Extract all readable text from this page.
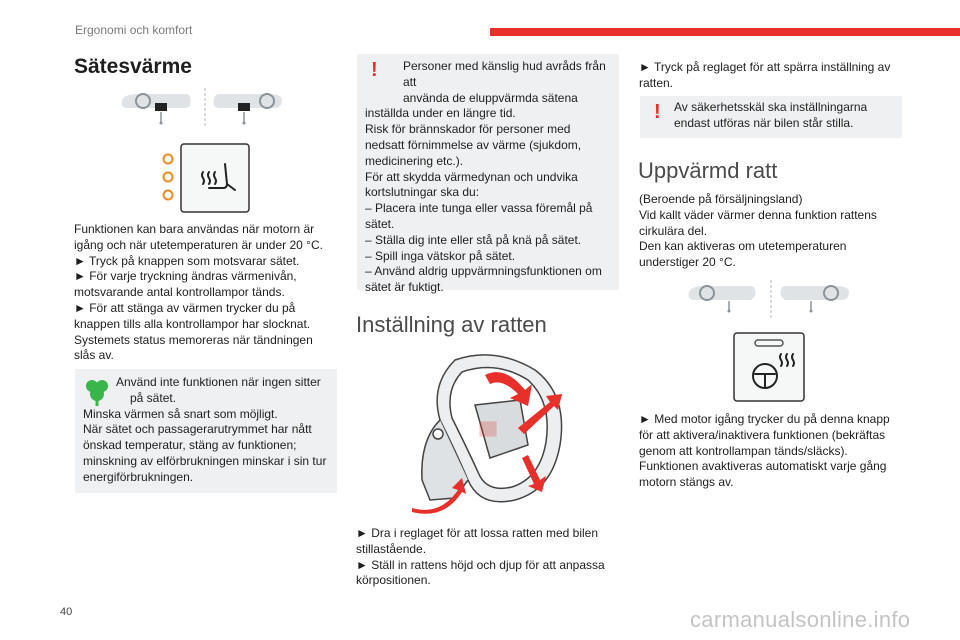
Ergonomi och komfort
Sätesvärme

Funktionen kan bara användas när motorn är

igång och när utetemperaturen är under 20 °C.

► Tryck på knappen som motsvarar sätet.

► För varje tryckning ändras värmenivån,

motsvarande antal kontrollampor tänds.

► För att stänga av värmen trycker du på

knappen tills alla kontrollampor har slocknat.

Systemets status memoreras när tändningen

slås av.

Använd inte funktionen när ingen sitter

på sätet.

Minska värmen så snart som möjligt.

När sätet och passagerarutrymmet har nått

önskad temperatur, stäng av funktionen;

minskning av elförbrukningen minskar i sin tur

energiförbrukningen.

!	Personer med känslig hud avråds från att

använda de eluppvärmda sätena

inställda under en längre tid.

Risk för brännskador för personer med

nedsatt förnimmelse av värme (sjukdom,

medicinering etc.).

För att skydda värmedynan och undvika

kortslutningar ska du:

– Placera inte tunga eller vassa föremål på

sätet.

– Ställa dig inte eller stå på knä på sätet.

– Spill inga vätskor på sätet.

– Använd aldrig uppvärmningsfunktionen om

sätet är fuktigt.

Inställning av ratten

► Dra i reglaget för att lossa ratten med bilen

stillastående.

► Ställ in rattens höjd och djup för att anpassa

körpositionen.

► Tryck på reglaget för att spärra inställning av

ratten.

!	Av säkerhetsskäl ska inställningarna

endast utföras när bilen står stilla.

Uppvärmd ratt

(Beroende på försäljningsland)

Vid kallt väder värmer denna funktion rattens

cirkulära del.

Den kan aktiveras om utetemperaturen

understiger 20 °C.

► Med motor igång trycker du på denna knapp

för att aktivera/inaktivera funktionen (bekräftas

genom att kontrollampan tänds/släcks).

Funktionen avaktiveras automatiskt varje gång

motorn stängs av.

40	carmanualsonline.info
